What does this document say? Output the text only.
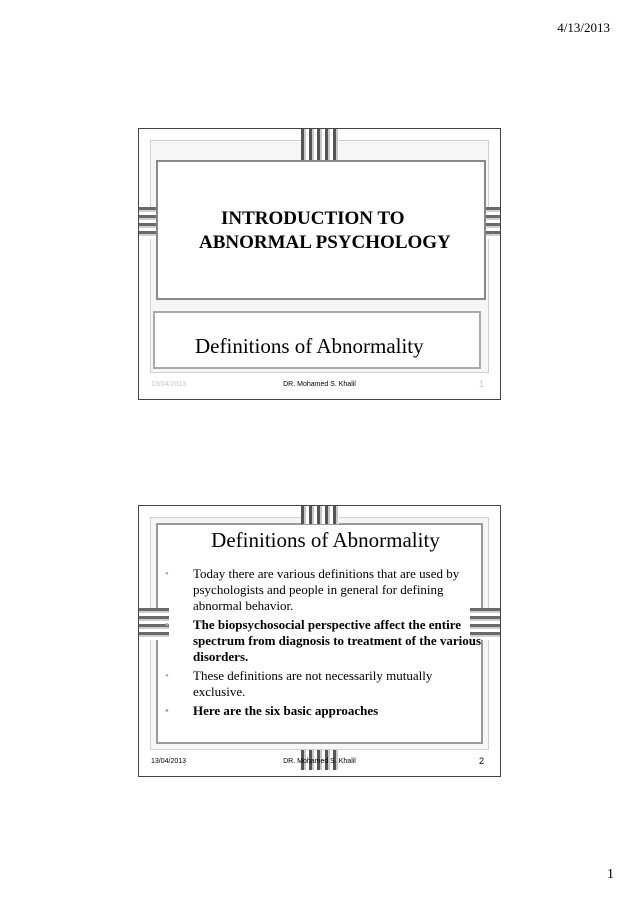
4/13/2013
INTRODUCTION TO
ABNORMAL PSYCHOLOGY
Definitions of Abnormality
13/04/2013	DR. Mohamed S. Khalil	1
Definitions of Abnormality
• Today there are various definitions that are used by psychologists and people in general for defining abnormal behavior.
• The biopsychosocial perspective affect the entire spectrum from diagnosis to treatment of the various disorders.
• These definitions are not necessarily mutually exclusive.
• Here are the six basic approaches
13/04/2013	DR. Mohamed S. Khalil	2
1
